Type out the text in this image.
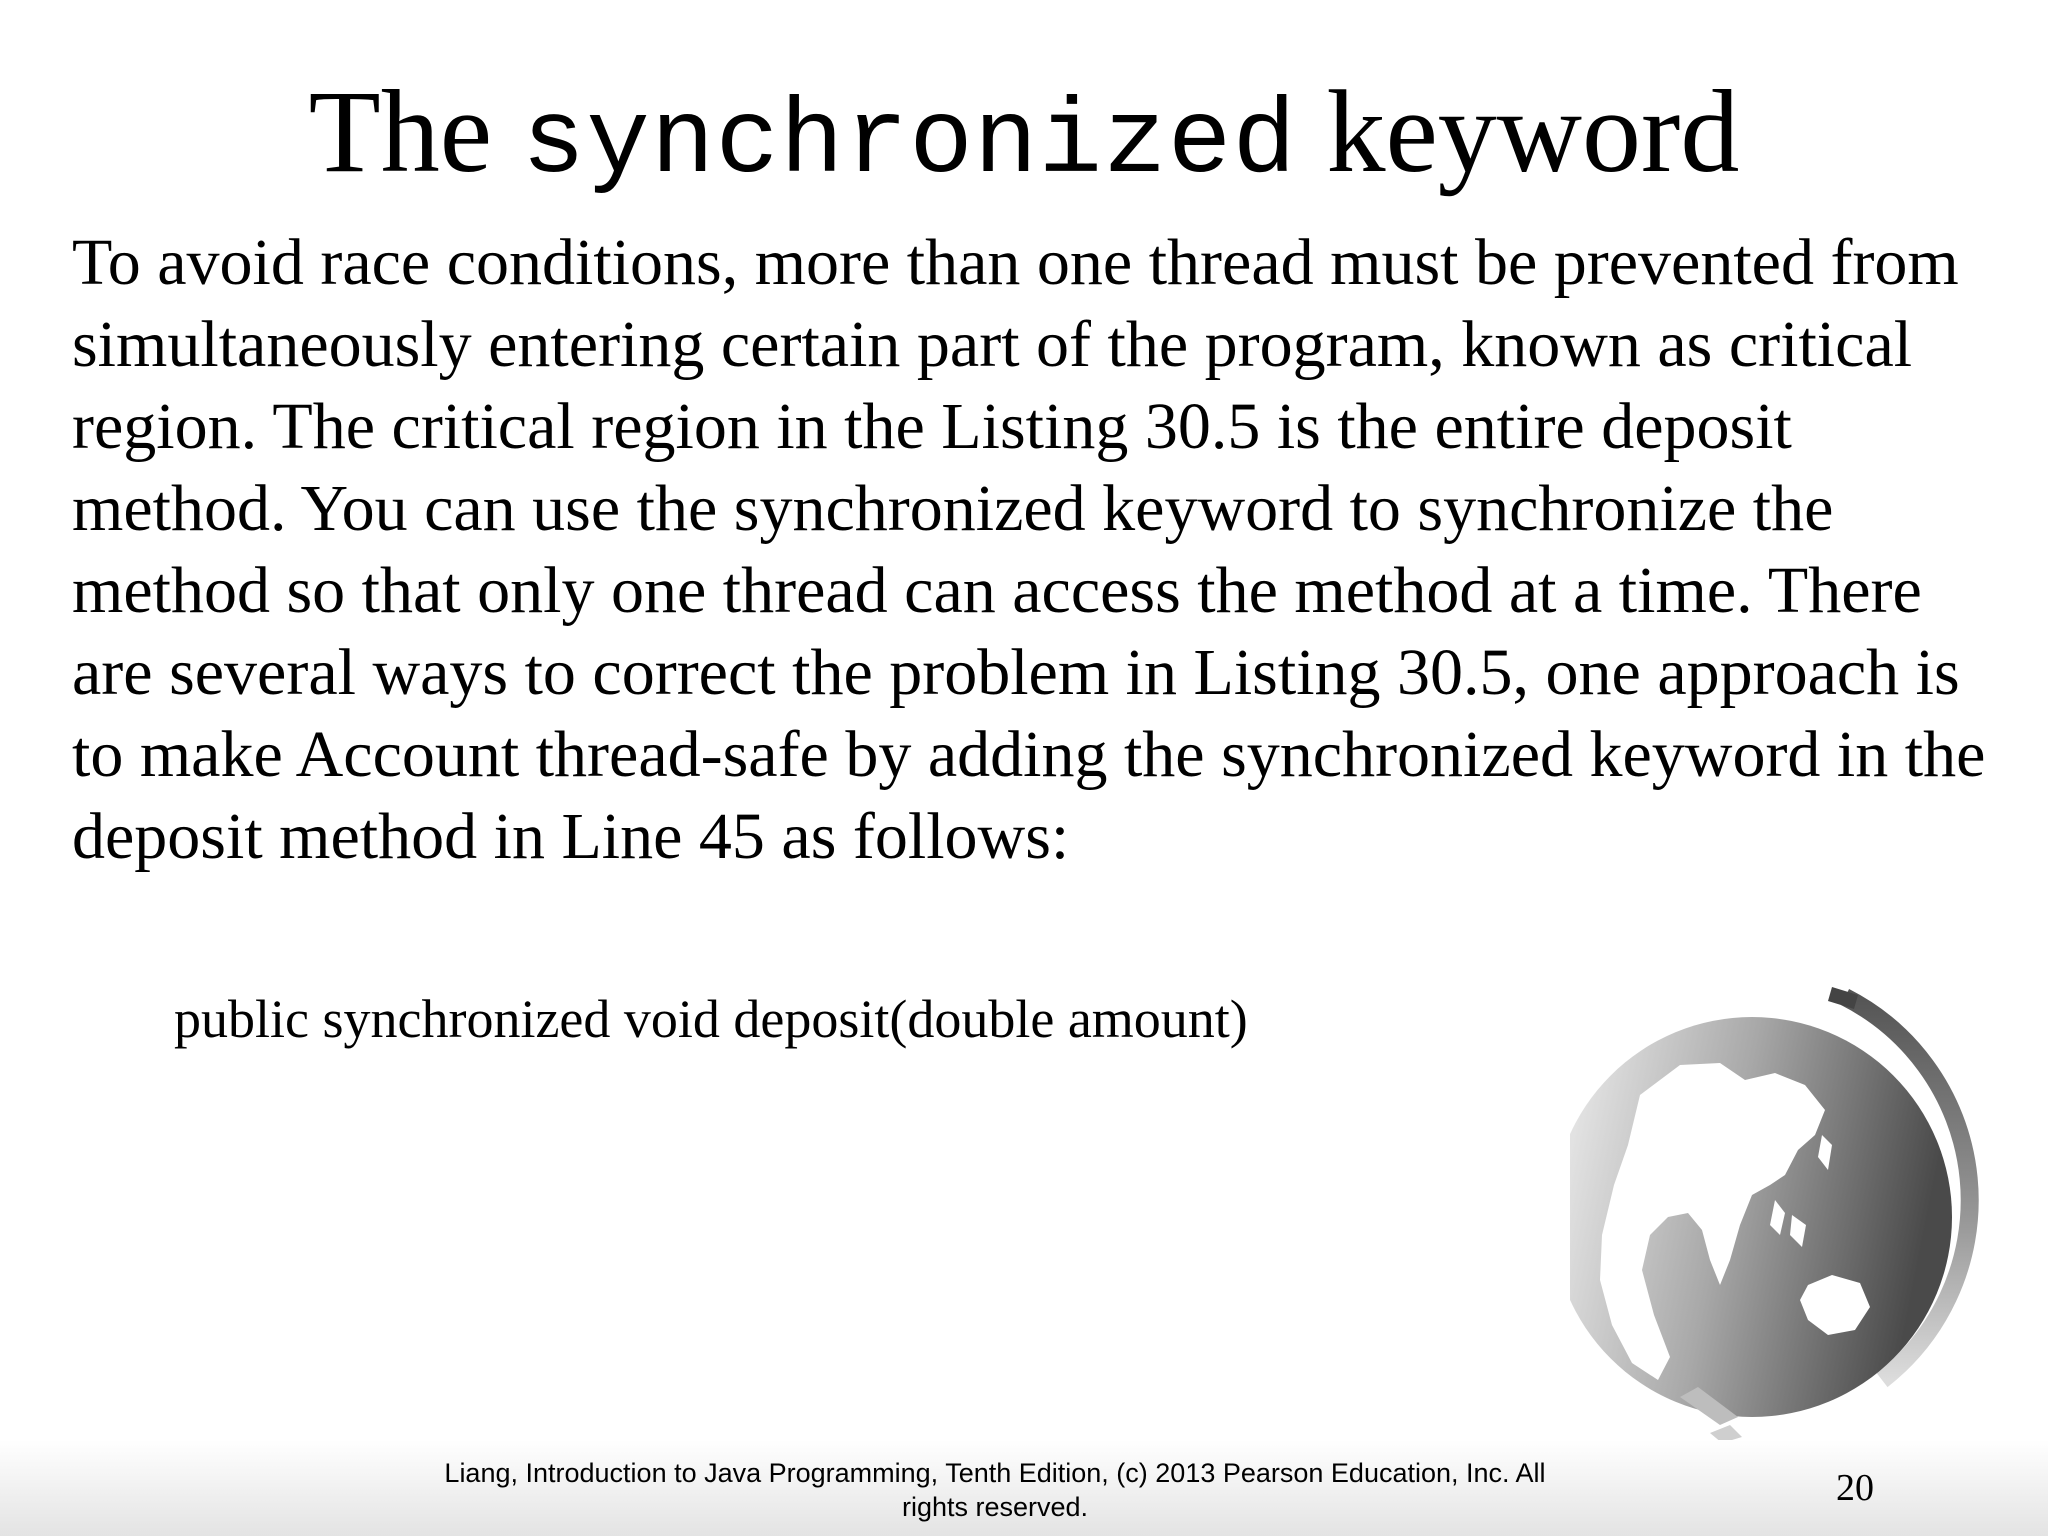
The synchronized keyword

To avoid race conditions, more than one thread must be prevented from simultaneously entering certain part of the program, known as critical region. The critical region in the Listing 30.5 is the entire deposit method. You can use the synchronized keyword to synchronize the method so that only one thread can access the method at a time. There are several ways to correct the problem in Listing 30.5, one approach is to make Account thread-safe by adding the synchronized keyword in the deposit method in Line 45 as follows:

public synchronized void deposit(double amount)
Liang, Introduction to Java Programming, Tenth Edition, (c) 2013 Pearson Education, Inc. All
rights reserved.	20
